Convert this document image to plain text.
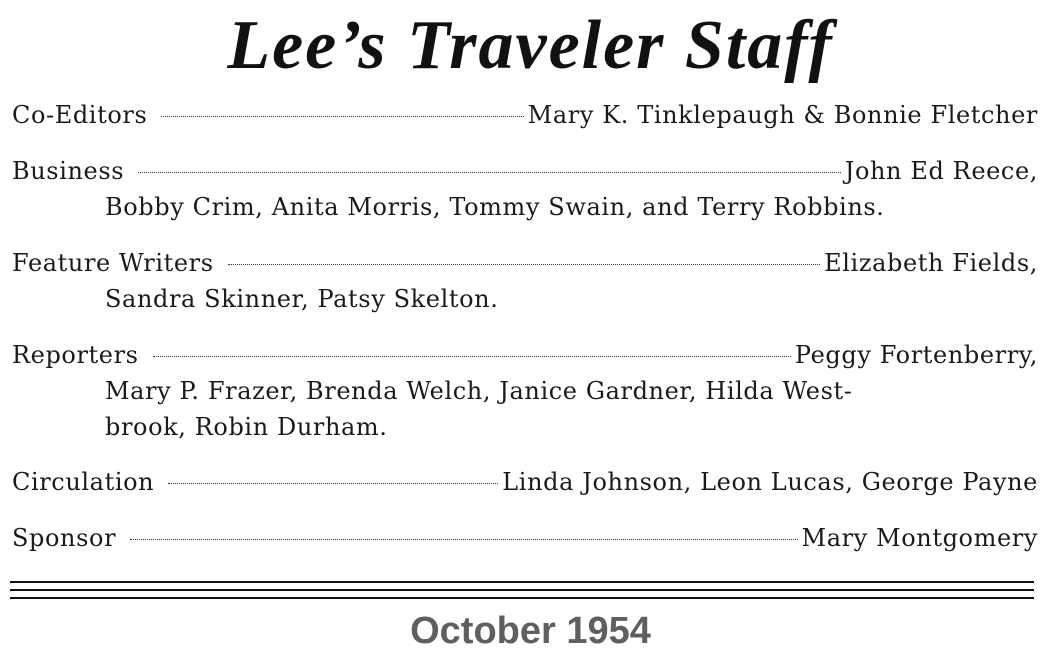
Lee’s Traveler Staff
Co-Editors	Mary K. Tinklepaugh & Bonnie Fletcher
Business	John Ed Reece,
Bobby Crim, Anita Morris, Tommy Swain, and Terry Robbins.
Feature Writers	Elizabeth Fields,
Sandra Skinner, Patsy Skelton.
Reporters	Peggy Fortenberry,
Mary P. Frazer, Brenda Welch, Janice Gardner, Hilda West-
brook, Robin Durham.
Circulation	Linda Johnson, Leon Lucas, George Payne
Sponsor	Mary Montgomery
October 1954
